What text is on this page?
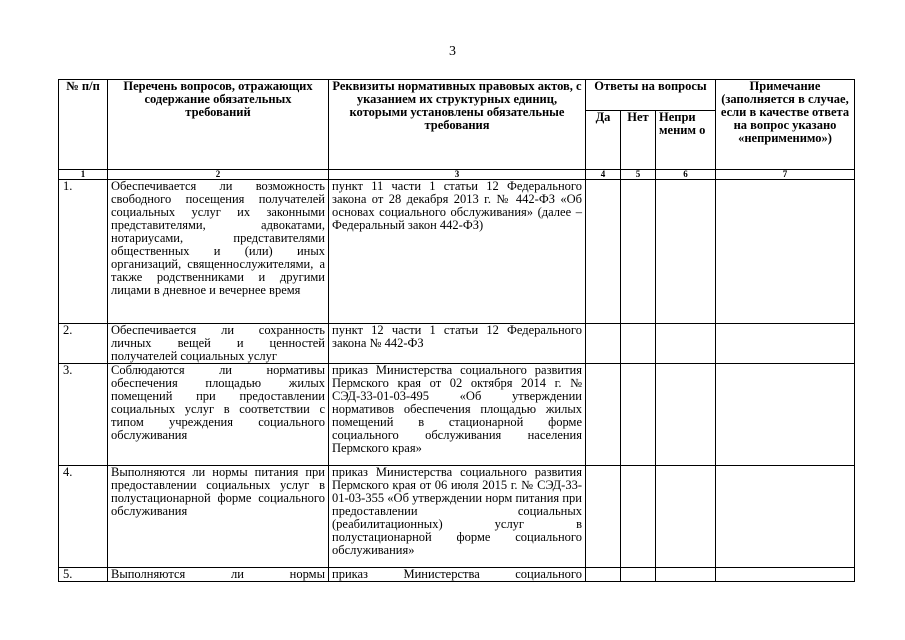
3
№ п/п	Перечень вопросов, отражающих содержание обязательных требований	Реквизиты нормативных правовых актов, с указанием их структурных единиц, которыми установлены обязательные требования	Ответы на вопросы			Примечание (заполняется в случае, если в качестве ответа на вопрос указано «неприменимо»)
			Да	Нет	Непри меним о	
1	2	3	4	5	6	7
1.	Обеспечивается ли возможность свободного посещения получателей социальных услуг их законными представителями, адвокатами, нотариусами, представителями общественных и (или) иных организаций, священнослужителями, а также родственниками и другими лицами в дневное и вечернее время	пункт 11 части 1 статьи 12 Федерального закона от 28 декабря 2013 г. № 442-ФЗ «Об основах социального обслуживания» (далее – Федеральный закон 442-ФЗ)				
2.	Обеспечивается ли сохранность личных вещей и ценностей получателей социальных услуг	пункт 12 части 1 статьи 12 Федерального закона № 442-ФЗ				
3.	Соблюдаются ли нормативы обеспечения площадью жилых помещений при предоставлении социальных услуг в соответствии с типом учреждения социального обслуживания	приказ Министерства социального развития Пермского края от 02 октября 2014 г. № СЭД-33-01-03-495 «Об утверждении нормативов обеспечения площадью жилых помещений в стационарной форме социального обслуживания населения Пермского края»				
4.	Выполняются ли нормы питания при предоставлении социальных услуг в полустационарной форме социального обслуживания	приказ Министерства социального развития Пермского края от 06 июля 2015 г. № СЭД-33-01-03-355 «Об утверждении норм питания при предоставлении социальных (реабилитационных) услуг в полустационарной форме социального обслуживания»				
5.	Выполняются ли нормы	приказ Министерства социального				
